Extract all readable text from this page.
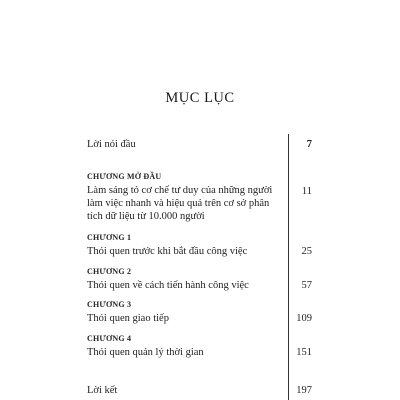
MỤC LỤC
Lời nói đầu	7
CHƯƠNG MỞ ĐẦU
Làm sáng tỏ cơ chế tư duy của những người
làm việc nhanh và hiệu quả trên cơ sở phân
tích dữ liệu từ 10.000 người
11
CHƯƠNG 1
Thói quen trước khi bắt đầu công việc	25
CHƯƠNG 2
Thói quen về cách tiến hành công việc	57
CHƯƠNG 3
Thói quen giao tiếp	109
CHƯƠNG 4
Thói quen quản lý thời gian	151
Lời kết	197
